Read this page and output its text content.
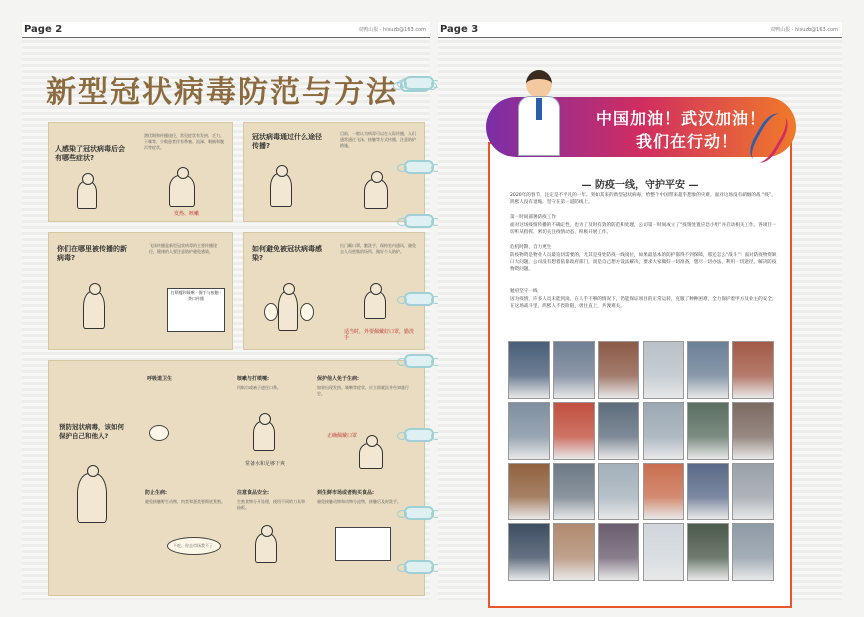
Page 2	双鸭山报 · hisuzb@163.com
新型冠状病毒防范与方法
人感染了冠状病毒后会有哪些症状?
潜伏期和传播途径，常见症状有发热、乏力、干咳等，少数患者伴有鼻塞、流涕、咽痛和腹泻等症状。
发热、咳嗽
冠状病毒通过什么途径传播?
目前，一般认为病毒可以在人际传播，人们通常通过飞沫、接触等方式传播，注意防护措施。
你们在哪里被传播的新病毒?
飞沫传播是新型冠状病毒的主要传播途径，健康的人要注意防护避免感染。
打喷嚏和咳嗽 · 握手与接触 · 粪口传播
如何避免被冠状病毒感染?
出门戴口罩，勤洗手，保持室内通风，避免去人员密集的场所，做好个人防护。
适当时，外要佩戴好口罩，勤洗手
预防冠状病毒，该如何保护自己和他人?
呼吸道卫生	咳嗽与打喷嚏:
用纸巾或袖子遮住口鼻。
常备水和足够干爽
保护他人免于生病:
如果出现发热、咳嗽等症状，应立即就医并告知旅行史。
正确佩戴口罩
防止生病:
避免接触野生动物，肉类和蛋类要彻底煮熟。
不吃、你去市场我不了
注意食品安全:
生熟食物分开处理，使用不同的刀具和砧板。
到生鲜市场或者购买食品:
避免接触动物和动物分泌物，接触后及时洗手。
Page 3	双鸭山报 · hisuzb@163.com
中国加油！武汉加油！
我们在行动！
— 防疫一线，守护平安 —
2020年的春节，注定是不平凡的一年。突如其来的新型冠状病毒，给整个中国带来超乎想象的灾难。面对这场没有硝烟的战 “疫”，鸿熙人没有退缩，坚守在第一道防线上。
第一时间部署防疫工作
面对这场疫情传播的不确定性，也为了及时有效的防范和处理，公司第一时间成立了“疫情处置应急小组”并启动相关工作。各项目一切听从指挥，密切关注疫情动态，积极开展工作。
危机时期，自力更生
防疫物资是物业人员最迫切需要的，尤其是身处防疫一线岗位，如果最基本的防护都得不到保障，那还怎么“战斗”！面对防疫物资缺口大问题，公司没有想着依靠政府部门，而是自己想方设法解决，要求大家做好一切准备，想尽一切办法，利用一切途径，解决防疫物资问题。
勉府坚守一线
因为疫情，许多人员未能到岗，在人手不够的情况下，仍能保证项目的正常运转，克服了种种困难，全力保护着甲方及业主的安全。在这场战斗里，鸿熙人不畏险阻，勇往直上，共渡难关。
